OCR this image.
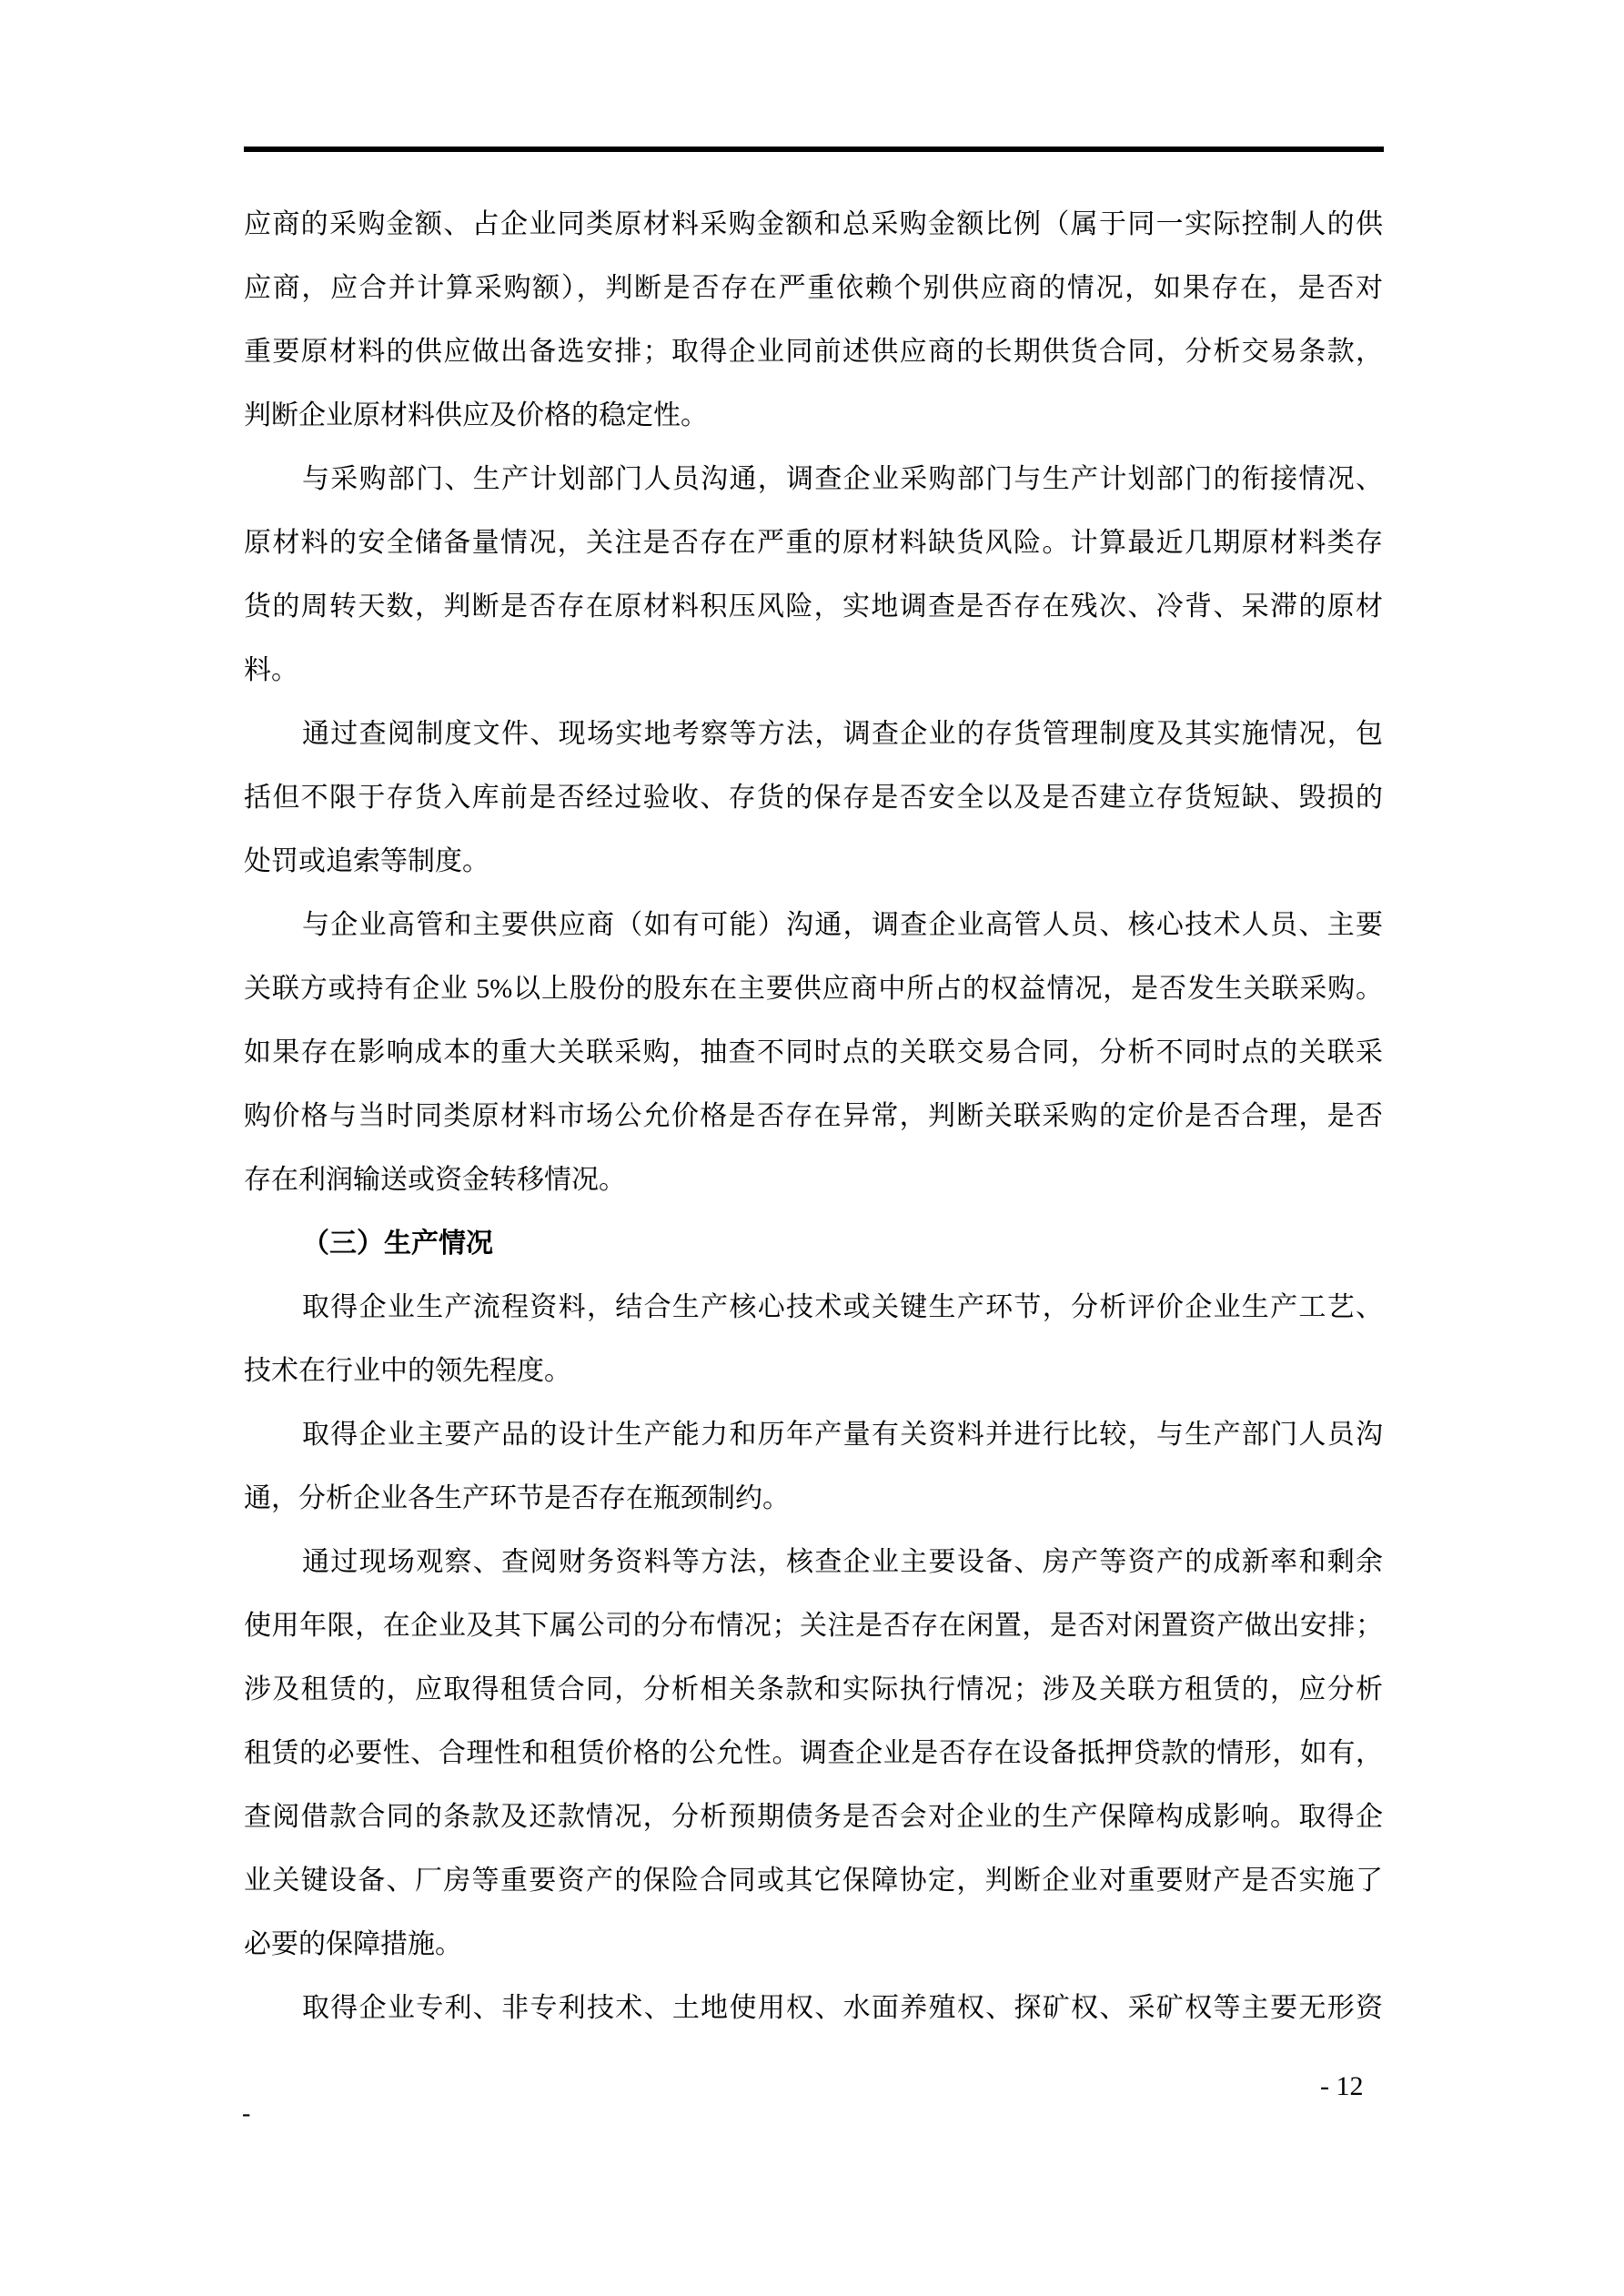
应商的采购金额、占企业同类原材料采购金额和总采购金额比例（属于同一实际控制人的供
应商，应合并计算采购额），判断是否存在严重依赖个别供应商的情况，如果存在，是否对
重要原材料的供应做出备选安排；取得企业同前述供应商的长期供货合同，分析交易条款，
判断企业原材料供应及价格的稳定性。
与采购部门、生产计划部门人员沟通，调查企业采购部门与生产计划部门的衔接情况、
原材料的安全储备量情况，关注是否存在严重的原材料缺货风险。计算最近几期原材料类存
货的周转天数，判断是否存在原材料积压风险，实地调查是否存在残次、冷背、呆滞的原材
料。
通过查阅制度文件、现场实地考察等方法，调查企业的存货管理制度及其实施情况，包
括但不限于存货入库前是否经过验收、存货的保存是否安全以及是否建立存货短缺、毁损的
处罚或追索等制度。
与企业高管和主要供应商（如有可能）沟通，调查企业高管人员、核心技术人员、主要
关联方或持有企业 5%以上股份的股东在主要供应商中所占的权益情况，是否发生关联采购。
如果存在影响成本的重大关联采购，抽查不同时点的关联交易合同，分析不同时点的关联采
购价格与当时同类原材料市场公允价格是否存在异常，判断关联采购的定价是否合理，是否
存在利润输送或资金转移情况。
（三）生产情况
取得企业生产流程资料，结合生产核心技术或关键生产环节，分析评价企业生产工艺、
技术在行业中的领先程度。
取得企业主要产品的设计生产能力和历年产量有关资料并进行比较，与生产部门人员沟
通，分析企业各生产环节是否存在瓶颈制约。
通过现场观察、查阅财务资料等方法，核查企业主要设备、房产等资产的成新率和剩余
使用年限，在企业及其下属公司的分布情况；关注是否存在闲置，是否对闲置资产做出安排；
涉及租赁的，应取得租赁合同，分析相关条款和实际执行情况；涉及关联方租赁的，应分析
租赁的必要性、合理性和租赁价格的公允性。调查企业是否存在设备抵押贷款的情形，如有，
查阅借款合同的条款及还款情况，分析预期债务是否会对企业的生产保障构成影响。取得企
业关键设备、厂房等重要资产的保险合同或其它保障协定，判断企业对重要财产是否实施了
必要的保障措施。
取得企业专利、非专利技术、土地使用权、水面养殖权、探矿权、采矿权等主要无形资
- 12
-
